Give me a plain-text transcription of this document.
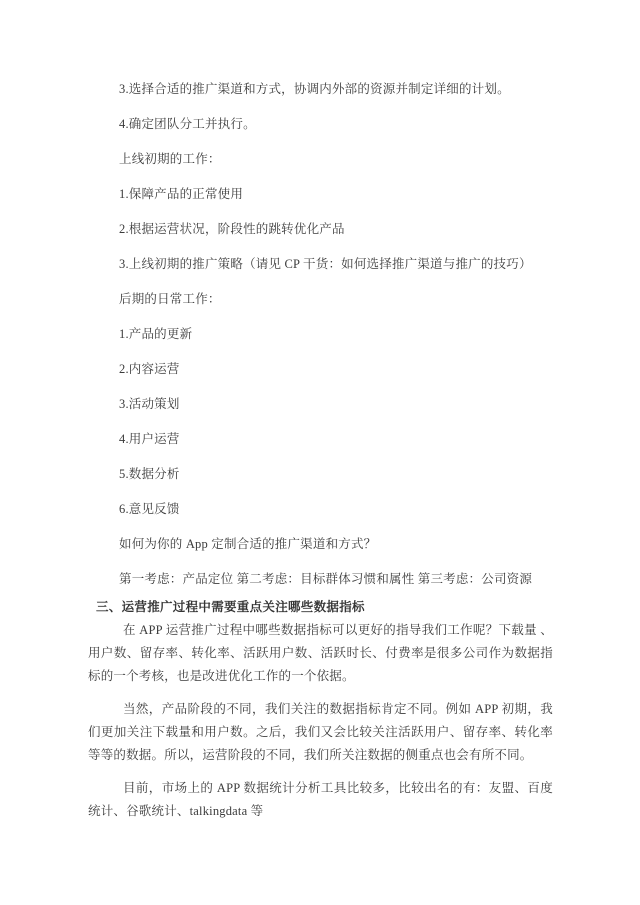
3.选择合适的推广渠道和方式，协调内外部的资源并制定详细的计划。

4.确定团队分工并执行。

上线初期的工作：

1.保障产品的正常使用

2.根据运营状况，阶段性的跳转优化产品

3.上线初期的推广策略（请见 CP 干货：如何选择推广渠道与推广的技巧）

后期的日常工作：

1.产品的更新

2.内容运营

3.活动策划

4.用户运营

5.数据分析

6.意见反馈

如何为你的 App 定制合适的推广渠道和方式？

第一考虑：产品定位 第二考虑：目标群体习惯和属性 第三考虑：公司资源

三、运营推广过程中需要重点关注哪些数据指标

在 APP 运营推广过程中哪些数据指标可以更好的指导我们工作呢？下载量 、用户数、留存率、转化率、活跃用户数、活跃时长、付费率是很多公司作为数据指标的一个考核，也是改进优化工作的一个依据。

当然，产品阶段的不同，我们关注的数据指标肯定不同。例如 APP 初期，我们更加关注下载量和用户数。之后，我们又会比较关注活跃用户、留存率、转化率等等的数据。所以，运营阶段的不同，我们所关注数据的侧重点也会有所不同。

目前，市场上的 APP 数据统计分析工具比较多，比较出名的有：友盟、百度统计、谷歌统计、talkingdata 等
